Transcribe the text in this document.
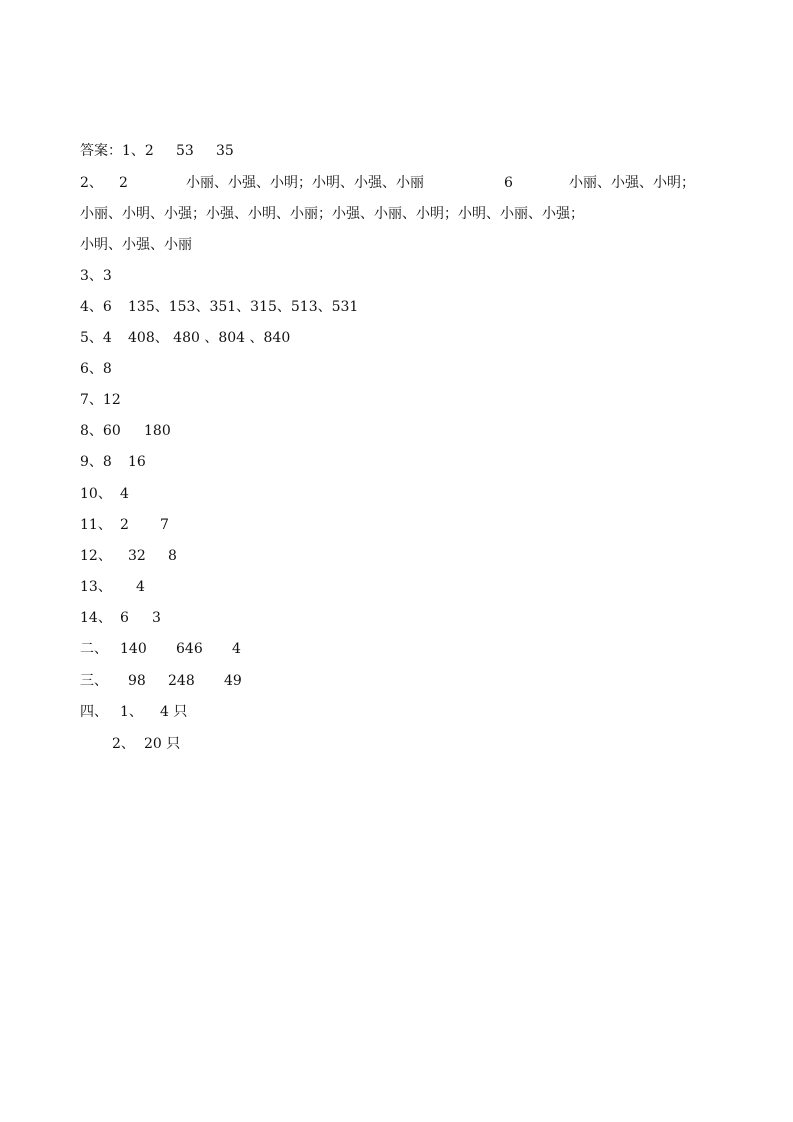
答案：1、2 53 35
2、 2	小丽、小强、小明；小明、小强、小丽	6	小丽、小强、小明；
小丽、小明、小强；小强、小明、小丽；小强、小丽、小明；小明、小丽、小强；
小明、小强、小丽
3、3
4、6 135、153、351、315、513、531
5、4 408、 480 、804 、840
6、8
7、12
8、60 180
9、8 16
10、 4
11、 2 7
12、 32 8
13、 4
14、 6 3
二、 140 646 4
三、 98 248 49
四、 1、 4 只
2、 20 只
